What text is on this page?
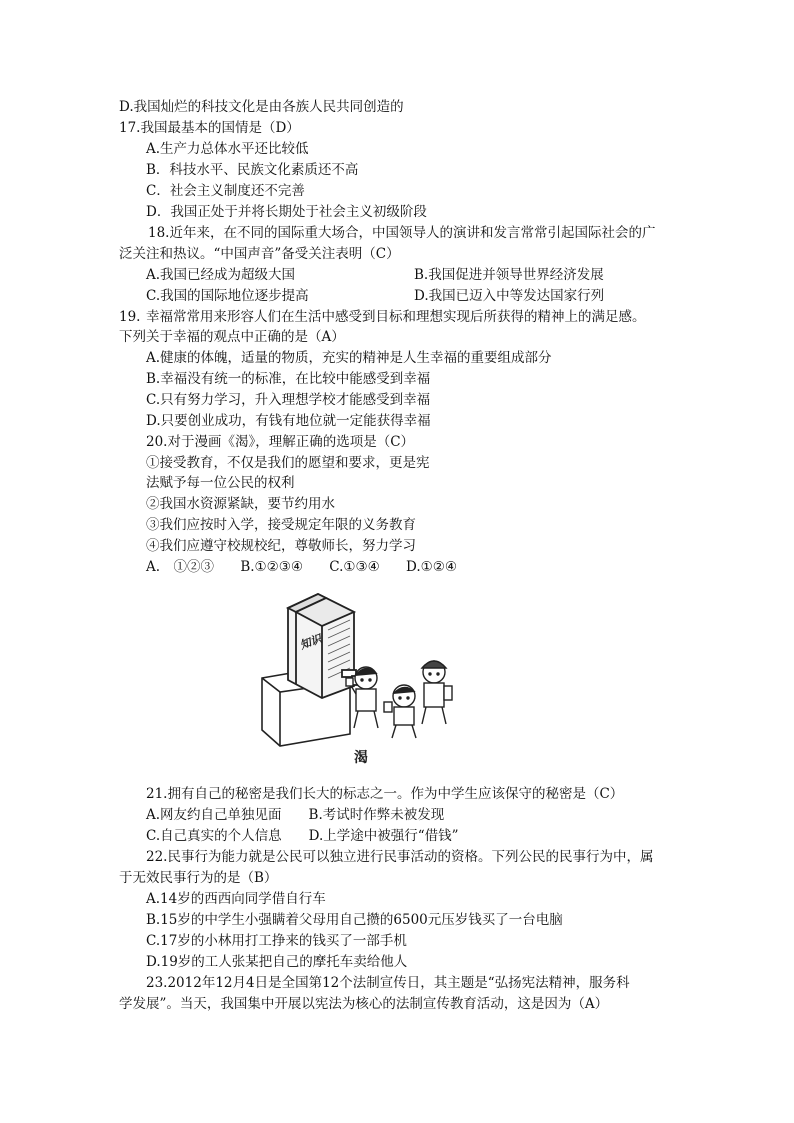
D.我国灿烂的科技文化是由各族人民共同创造的
17.我国最基本的国情是（D）
A.生产力总体水平还比较低
B．科技水平、民族文化素质还不高
C．社会主义制度还不完善
D．我国正处于并将长期处于社会主义初级阶段
18.近年来，在不同的国际重大场合，中国领导人的演讲和发言常常引起国际社会的广
泛关注和热议。“中国声音”备受关注表明（C）
A.我国已经成为超级大国	B.我国促进并领导世界经济发展
C.我国的国际地位逐步提高	D.我国已迈入中等发达国家行列
幸福常常用来形容人们在生活中感受到目标和理想实现后所获得的精神上的满足感。
下列关于幸福的观点中正确的是（A）
A.健康的体魄，适量的物质，充实的精神是人生幸福的重要组成部分
B.幸福没有统一的标准，在比较中能感受到幸福
C.只有努力学习，升入理想学校才能感受到幸福
D.只要创业成功，有钱有地位就一定能获得幸福
20.对于漫画《渴》，理解正确的选项是（C）
①接受教育，不仅是我们的愿望和要求，更是宪
法赋予每一位公民的权利
②我国水资源紧缺，要节约用水
③我们应按时入学，接受规定年限的义务教育
④我们应遵守校规校纪，尊敬师长，努力学习
A.　①②③ B.①②③④ C.①③④ D.①②④
知识
渴
21.拥有自己的秘密是我们长大的标志之一。作为中学生应该保守的秘密是（C）
A.网友约自己单独见面　　B.考试时作弊未被发现
C.自己真实的个人信息　　D.上学途中被强行“借钱”
22.民事行为能力就是公民可以独立进行民事活动的资格。下列公民的民事行为中，属
于无效民事行为的是（B）
A.14岁的西西向同学借自行车
B.15岁的中学生小强瞒着父母用自己攒的6500元压岁钱买了一台电脑
C.17岁的小林用打工挣来的钱买了一部手机
D.19岁的工人张某把自己的摩托车卖给他人
23.2012年12月4日是全国第12个法制宣传日，其主题是“弘扬宪法精神，服务科
学发展”。当天，我国集中开展以宪法为核心的法制宣传教育活动，这是因为（A）
19.
